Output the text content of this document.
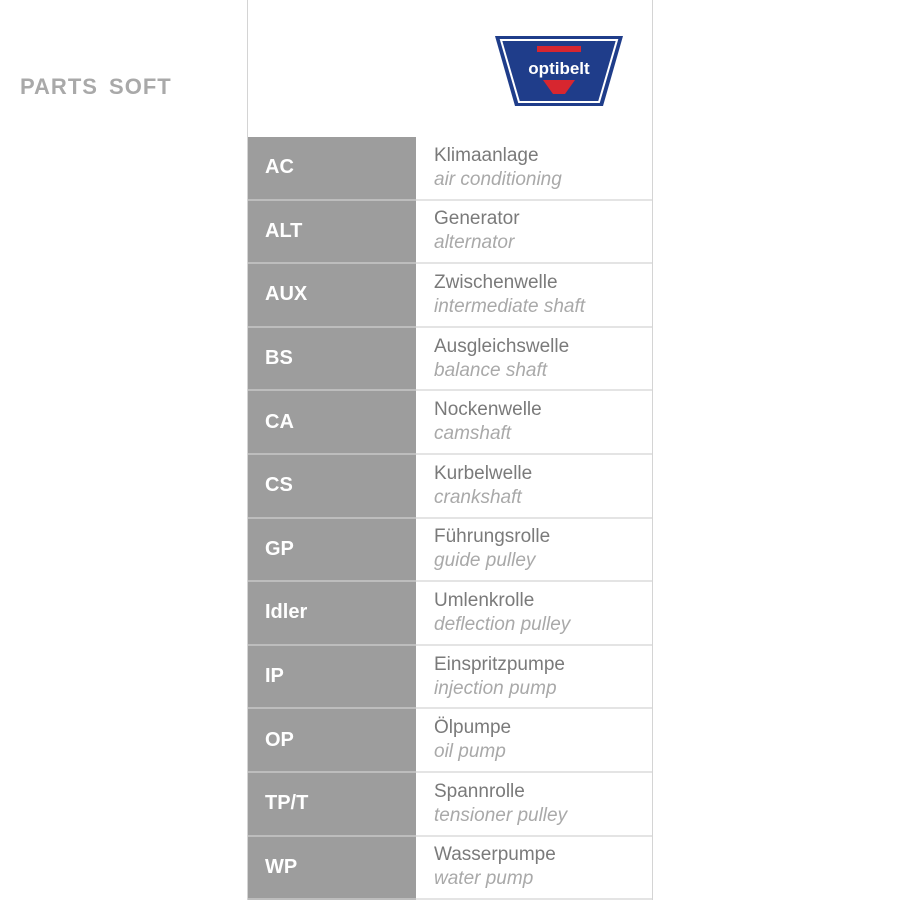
PARTS SOFT
optibelt
AC
Klimaanlage
air conditioning
ALT
Generator
alternator
AUX
Zwischenwelle
intermediate shaft
BS
Ausgleichswelle
balance shaft
CA
Nockenwelle
camshaft
CS
Kurbelwelle
crankshaft
GP
Führungsrolle
guide pulley
Idler
Umlenkrolle
deflection pulley
IP
Einspritzpumpe
injection pump
OP
Ölpumpe
oil pump
TP/T
Spannrolle
tensioner pulley
WP
Wasserpumpe
water pump
